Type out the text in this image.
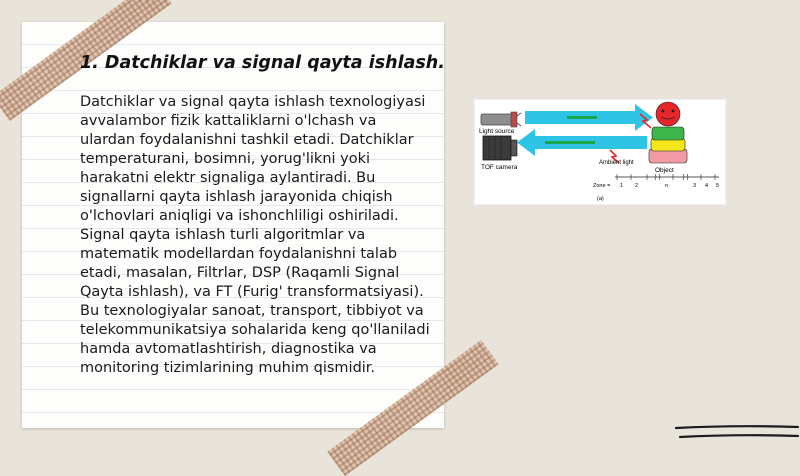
1. Datchiklar va signal qayta ishlash.

Datchiklar va signal qayta ishlash texnologiyasi avvalambor fizik kattaliklarni o'lchash va ulardan foydalanishni tashkil etadi. Datchiklar temperaturani, bosimni, yorug'likni yoki harakatni elektr signaliga aylantiradi. Bu signallarni qayta ishlash jarayonida chiqish o'lchovlari aniqligi va ishonchliligi oshiriladi. Signal qayta ishlash turli algoritmlar va matematik modellardan foydalanishni talab etadi, masalan, Filtrlar, DSP (Raqamli Signal Qayta ishlash), va FT (Furig' transformatsiyasi). Bu texnologiyalar sanoat, transport, tibbiyot va telekommunikatsiya sohalarida keng qo'llaniladi hamda avtomatlashtirish, diagnostika va monitoring tizimlarining muhim qismidir.

Light source
TOF camera
Ambient light
Object
Zone = 1 2	n	3 4 5
(a)
